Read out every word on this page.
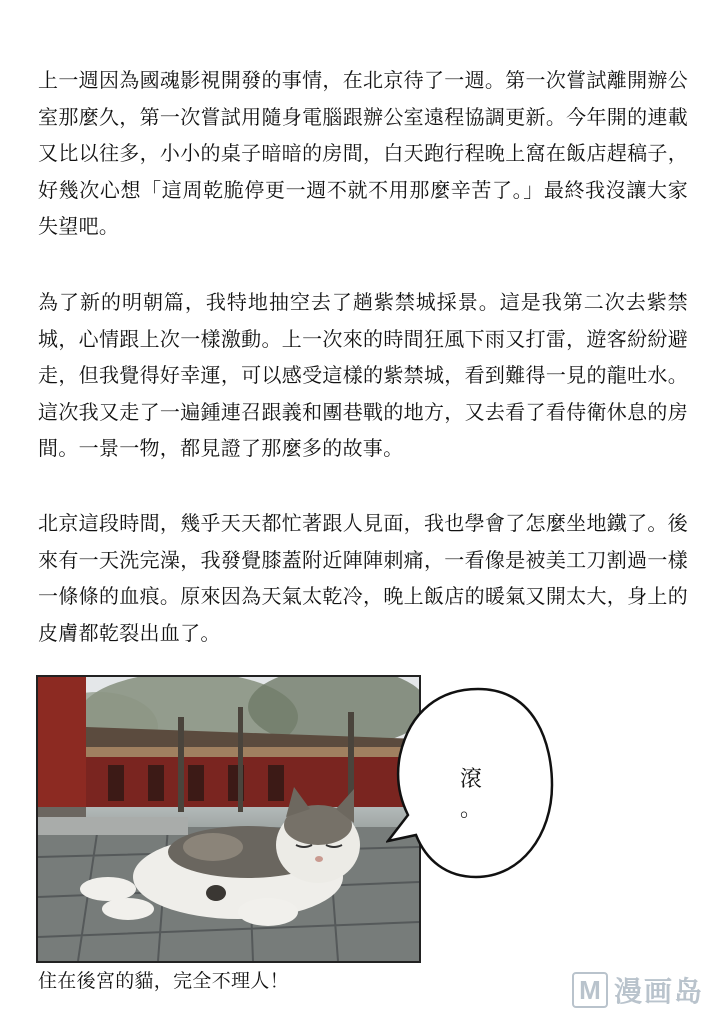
上一週因為國魂影視開發的事情，在北京待了一週。第一次嘗試離開辦公室那麼久，第一次嘗試用隨身電腦跟辦公室遠程協調更新。今年開的連載又比以往多，小小的桌子暗暗的房間，白天跑行程晚上窩在飯店趕稿子，好幾次心想「這周乾脆停更一週不就不用那麼辛苦了。」最終我沒讓大家失望吧。

為了新的明朝篇，我特地抽空去了趟紫禁城採景。這是我第二次去紫禁城，心情跟上次一樣激動。上一次來的時間狂風下雨又打雷，遊客紛紛避走，但我覺得好幸運，可以感受這樣的紫禁城，看到難得一見的龍吐水。這次我又走了一遍鍾連召跟義和團巷戰的地方，又去看了看侍衛休息的房間。一景一物，都見證了那麼多的故事。

北京這段時間，幾乎天天都忙著跟人見面，我也學會了怎麼坐地鐵了。後來有一天洗完澡，我發覺膝蓋附近陣陣刺痛，一看像是被美工刀割過一樣一條條的血痕。原來因為天氣太乾冷，晚上飯店的暖氣又開太大，身上的皮膚都乾裂出血了。

滾
。

住在後宮的貓，完全不理人！	M 漫画岛
